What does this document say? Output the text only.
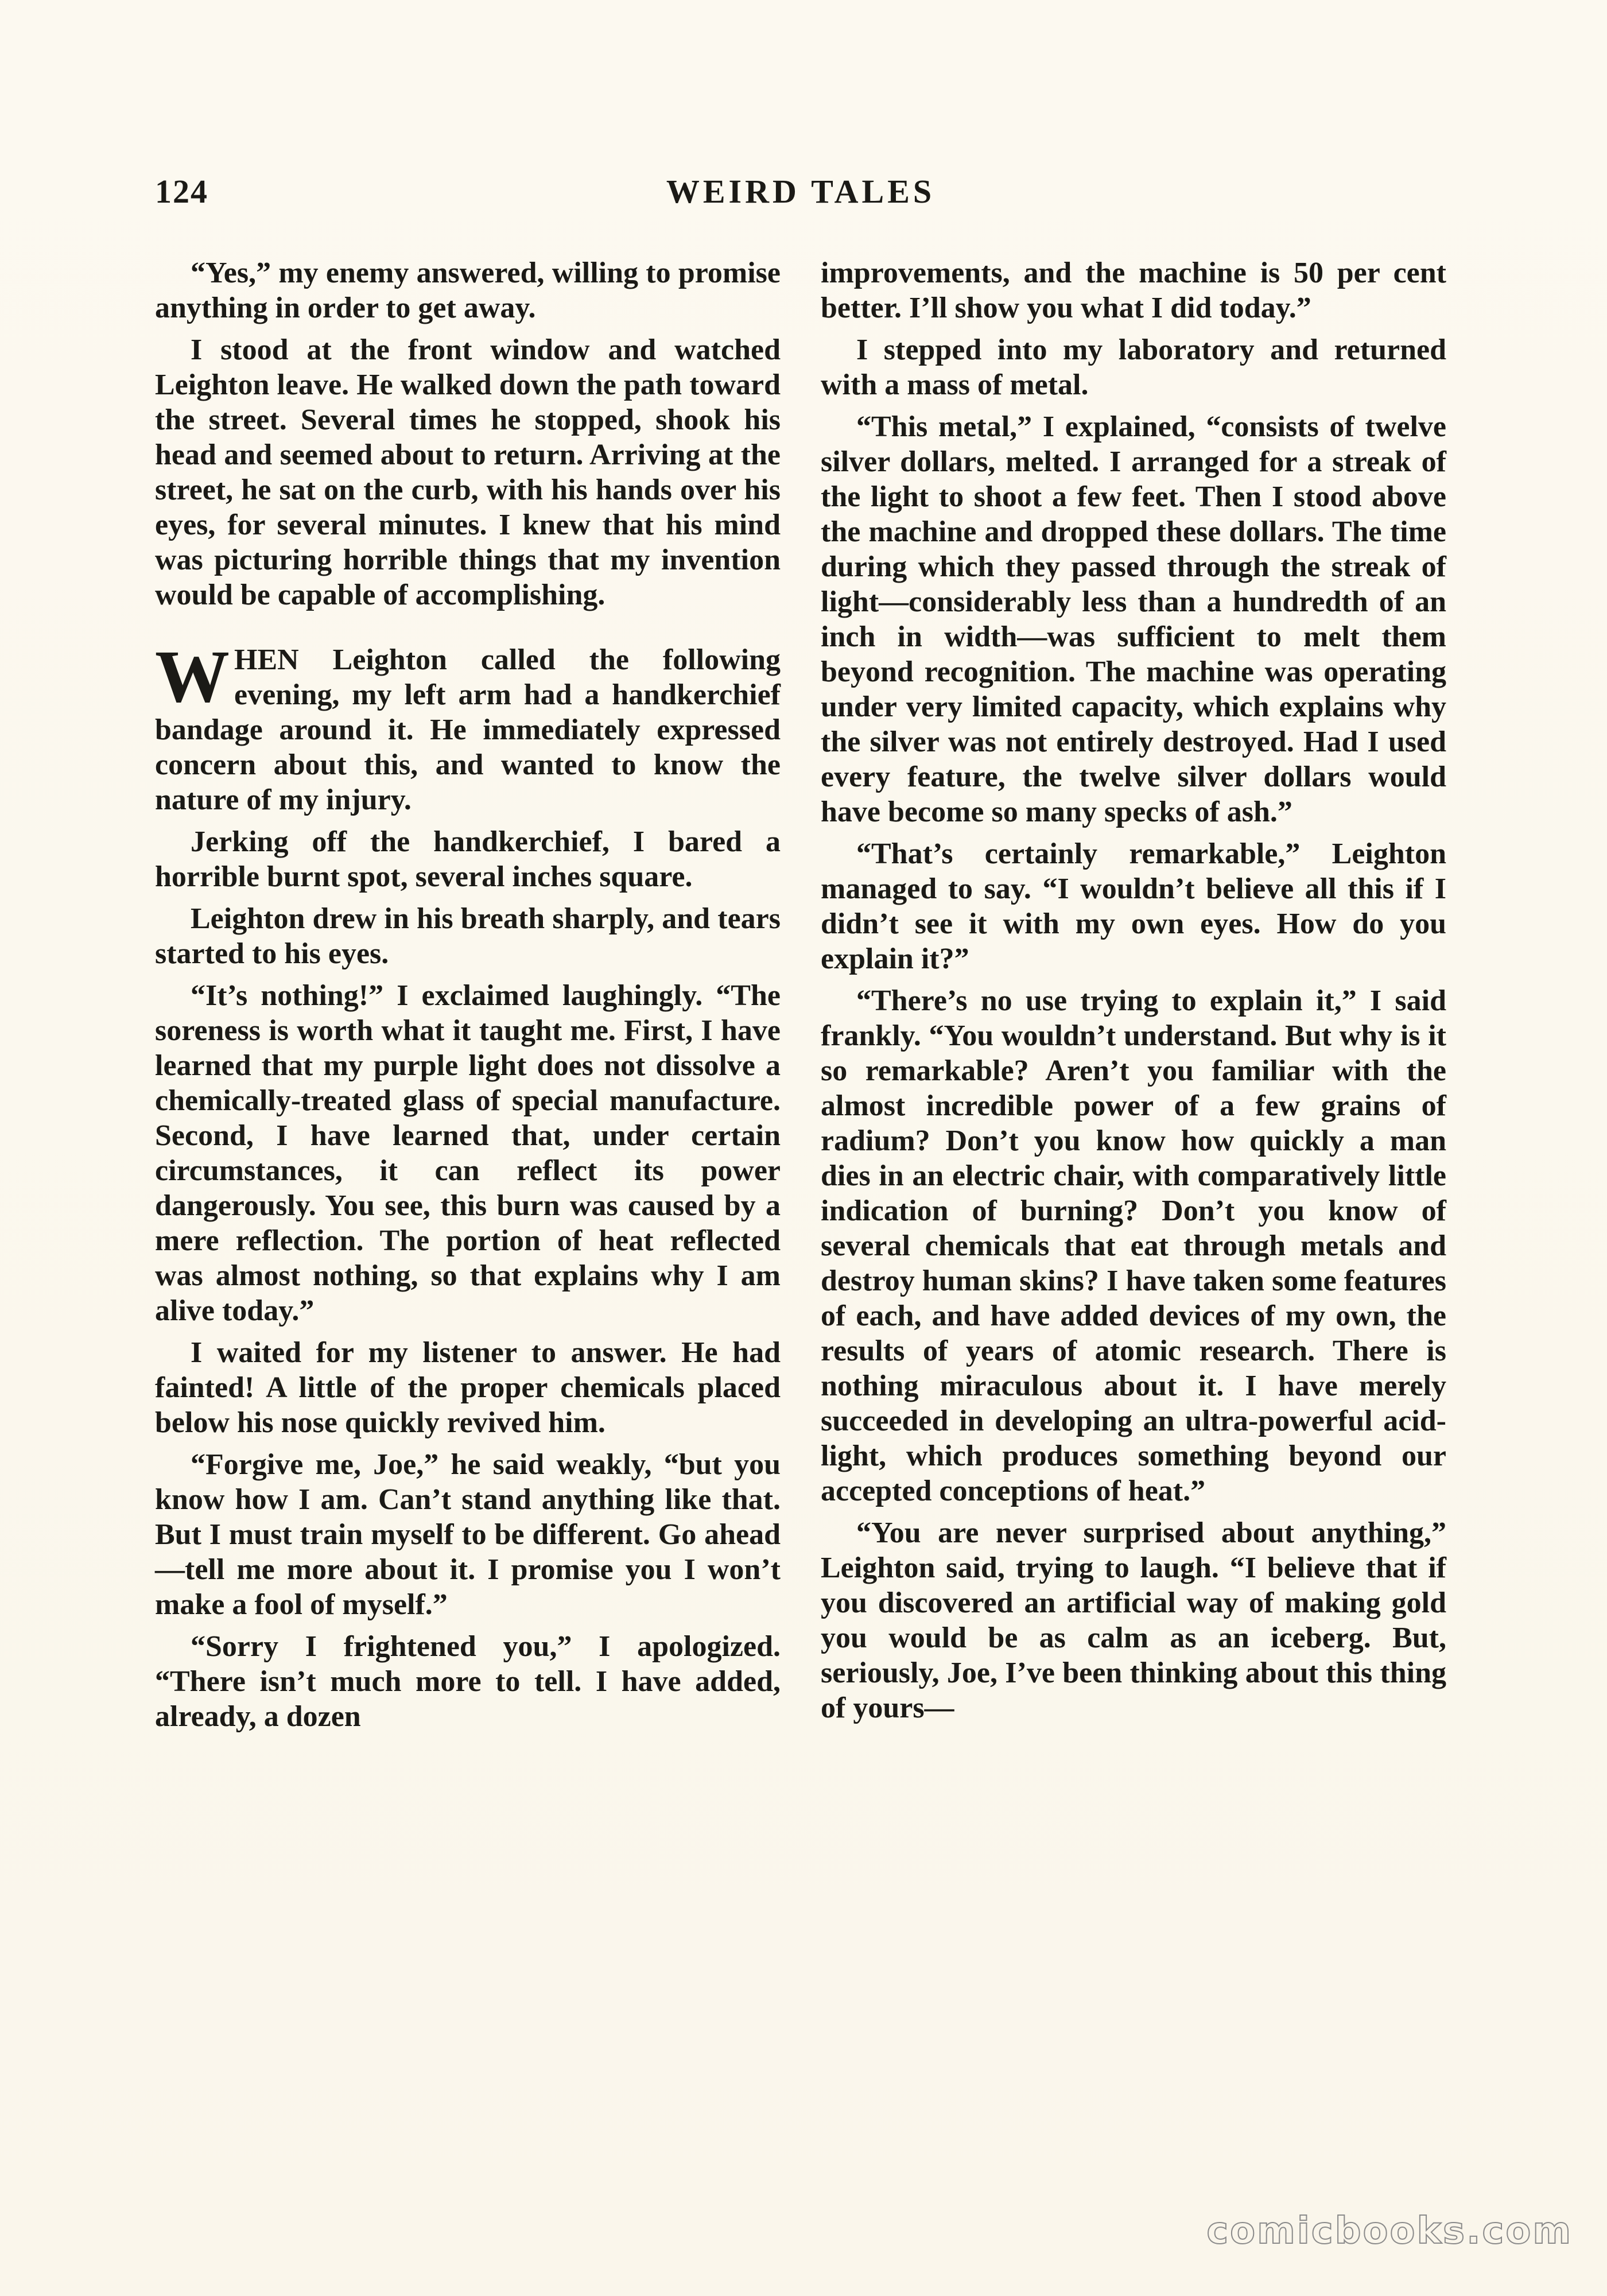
124	WEIRD TALES

“Yes,” my enemy answered, willing to promise anything in order to get away.

I stood at the front window and watched Leighton leave. He walked down the path toward the street. Several times he stopped, shook his head and seemed about to return. Arriving at the street, he sat on the curb, with his hands over his eyes, for several minutes. I knew that his mind was picturing horrible things that my invention would be capable of accomplishing.

WHEN Leighton called the following evening, my left arm had a handkerchief bandage around it. He immediately expressed concern about this, and wanted to know the nature of my injury.

Jerking off the handkerchief, I bared a horrible burnt spot, several inches square.

Leighton drew in his breath sharply, and tears started to his eyes.

“It’s nothing!” I exclaimed laughingly. “The soreness is worth what it taught me. First, I have learned that my purple light does not dissolve a chemically-treated glass of special manufacture. Second, I have learned that, under certain circumstances, it can reflect its power dangerously. You see, this burn was caused by a mere reflection. The portion of heat reflected was almost nothing, so that explains why I am alive today.”

I waited for my listener to answer. He had fainted! A little of the proper chemicals placed below his nose quickly revived him.

“Forgive me, Joe,” he said weakly, “but you know how I am. Can’t stand anything like that. But I must train myself to be different. Go ahead—tell me more about it. I promise you I won’t make a fool of myself.”

“Sorry I frightened you,” I apologized. “There isn’t much more to tell. I have added, already, a dozen

improvements, and the machine is 50 per cent better. I’ll show you what I did today.”

I stepped into my laboratory and returned with a mass of metal.

“This metal,” I explained, “consists of twelve silver dollars, melted. I arranged for a streak of the light to shoot a few feet. Then I stood above the machine and dropped these dollars. The time during which they passed through the streak of light—considerably less than a hundredth of an inch in width—was sufficient to melt them beyond recognition. The machine was operating under very limited capacity, which explains why the silver was not entirely destroyed. Had I used every feature, the twelve silver dollars would have become so many specks of ash.”

“That’s certainly remarkable,” Leighton managed to say. “I wouldn’t believe all this if I didn’t see it with my own eyes. How do you explain it?”

“There’s no use trying to explain it,” I said frankly. “You wouldn’t understand. But why is it so remarkable? Aren’t you familiar with the almost incredible power of a few grains of radium? Don’t you know how quickly a man dies in an electric chair, with comparatively little indication of burning? Don’t you know of several chemicals that eat through metals and destroy human skins? I have taken some features of each, and have added devices of my own, the results of years of atomic research. There is nothing miraculous about it. I have merely succeeded in developing an ultra-powerful acid-light, which produces something beyond our accepted conceptions of heat.”

“You are never surprised about anything,” Leighton said, trying to laugh. “I believe that if you discovered an artificial way of making gold you would be as calm as an iceberg. But, seriously, Joe, I’ve been thinking about this thing of yours—

comicbooks.com
